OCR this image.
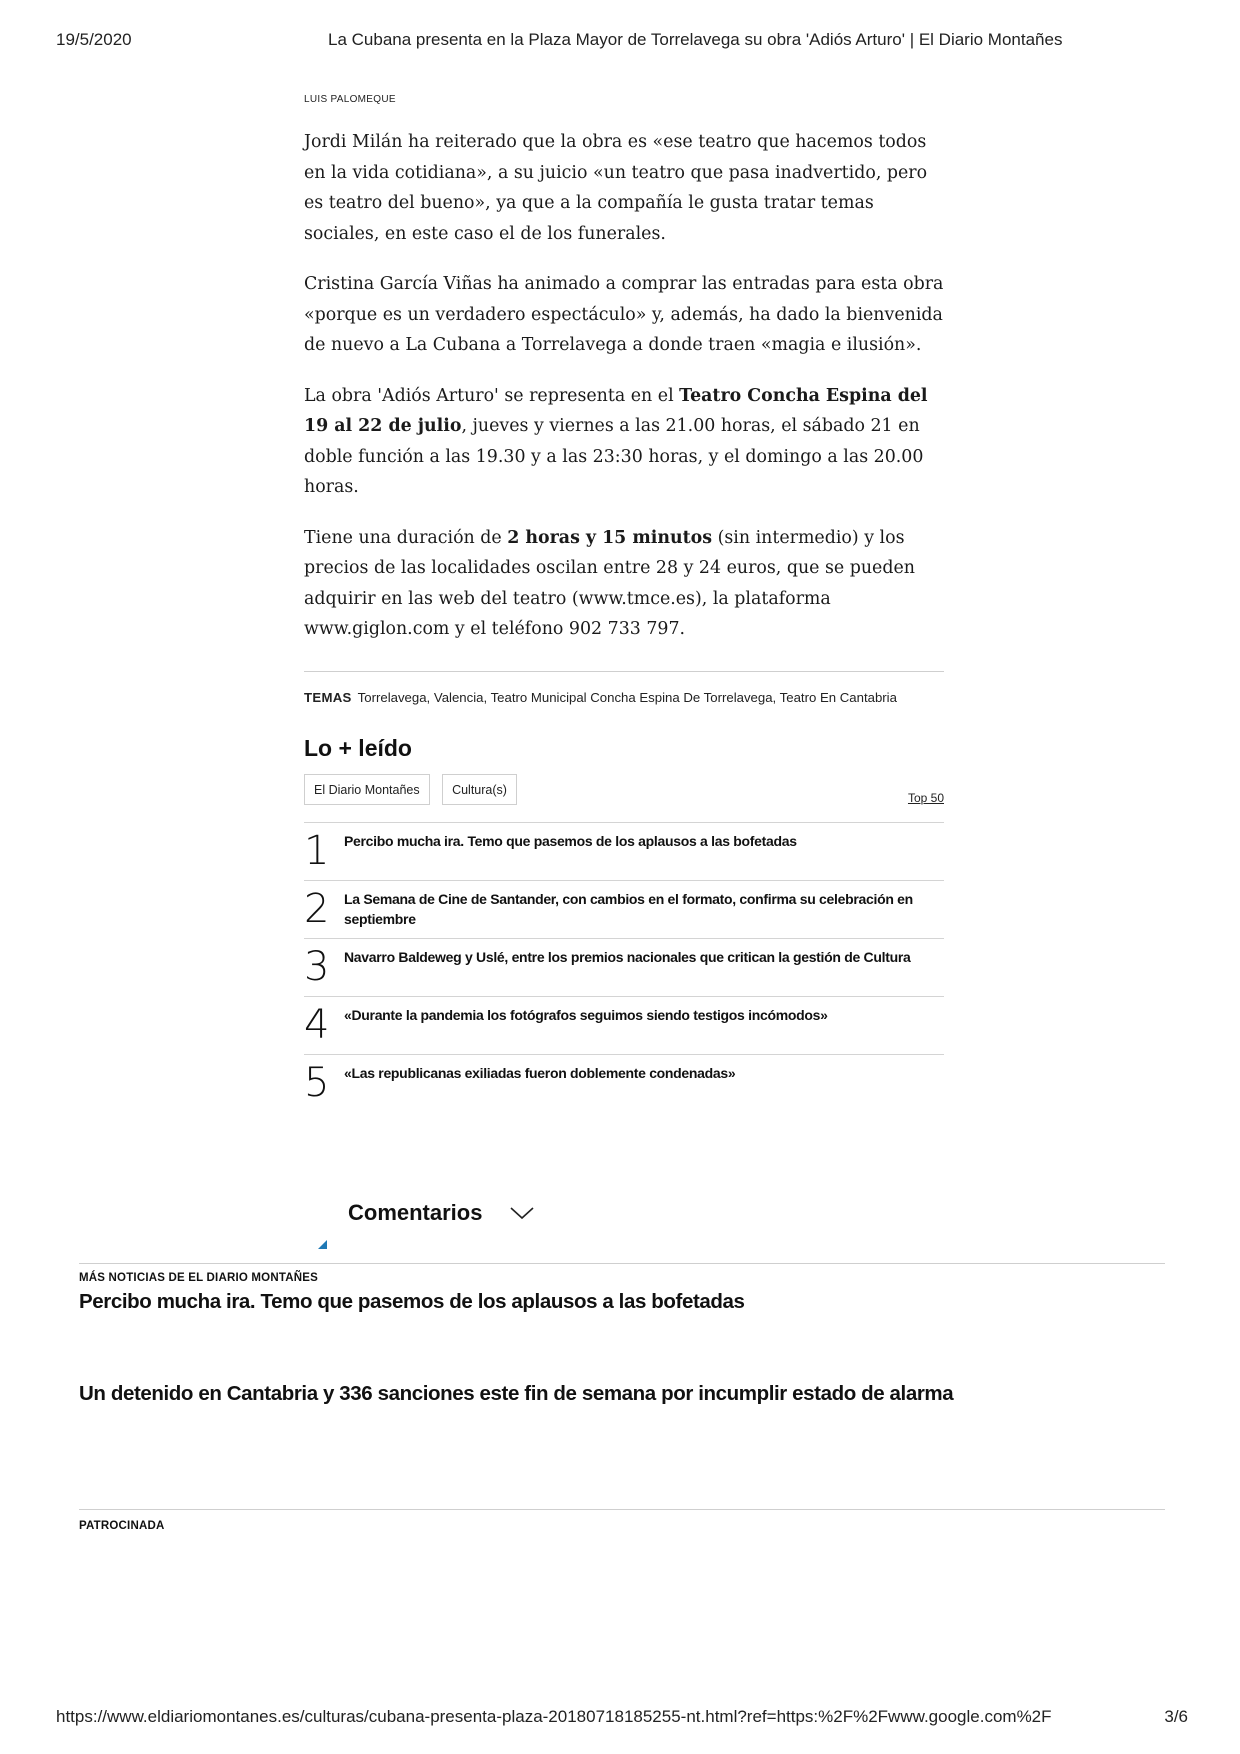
19/5/2020	La Cubana presenta en la Plaza Mayor de Torrelavega su obra 'Adiós Arturo' | El Diario Montañes
LUIS PALOMEQUE

Jordi Milán ha reiterado que la obra es «ese teatro que hacemos todos en la vida cotidiana», a su juicio «un teatro que pasa inadvertido, pero es teatro del bueno», ya que a la compañía le gusta tratar temas sociales, en este caso el de los funerales.

Cristina García Viñas ha animado a comprar las entradas para esta obra «porque es un verdadero espectáculo» y, además, ha dado la bienvenida de nuevo a La Cubana a Torrelavega a donde traen «magia e ilusión».

La obra 'Adiós Arturo' se representa en el Teatro Concha Espina del 19 al 22 de julio, jueves y viernes a las 21.00 horas, el sábado 21 en doble función a las 19.30 y a las 23:30 horas, y el domingo a las 20.00 horas.

Tiene una duración de 2 horas y 15 minutos (sin intermedio) y los precios de las localidades oscilan entre 28 y 24 euros, que se pueden adquirir en las web del teatro (www.tmce.es), la plataforma www.giglon.com y el teléfono 902 733 797.

TEMAS Torrelavega, Valencia, Teatro Municipal Concha Espina De Torrelavega, Teatro En Cantabria
Lo + leído
El Diario Montañes	Cultura(s)
Top 50
1 Percibo mucha ira. Temo que pasemos de los aplausos a las bofetadas
2 La Semana de Cine de Santander, con cambios en el formato, confirma su celebración en septiembre
3 Navarro Baldeweg y Uslé, entre los premios nacionales que critican la gestión de Cultura
4 «Durante la pandemia los fotógrafos seguimos siendo testigos incómodos»
5 «Las republicanas exiliadas fueron doblemente condenadas»
Comentarios
MÁS NOTICIAS DE EL DIARIO MONTAÑES
Percibo mucha ira. Temo que pasemos de los aplausos a las bofetadas
Un detenido en Cantabria y 336 sanciones este fin de semana por incumplir estado de alarma
PATROCINADA
https://www.eldiariomontanes.es/culturas/cubana-presenta-plaza-20180718185255-nt.html?ref=https:%2F%2Fwww.google.com%2F	3/6
